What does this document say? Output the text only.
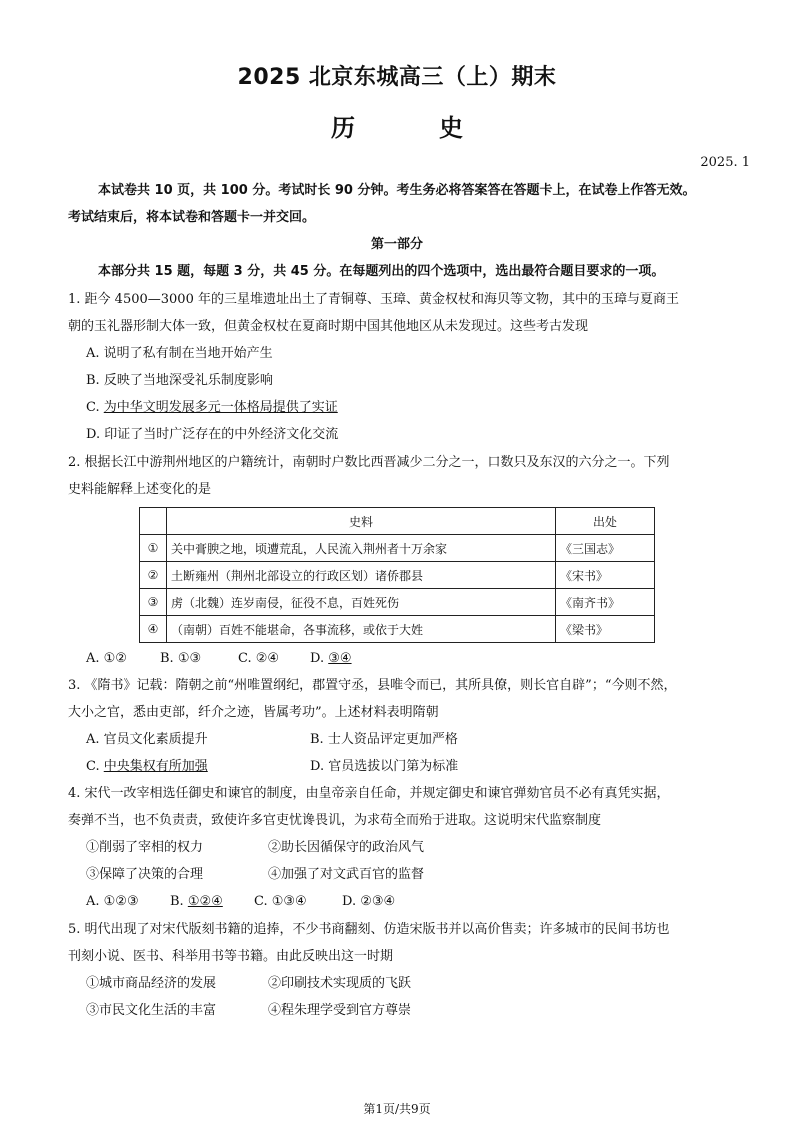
2025 北京东城高三（上）期末
历　史
2025. 1
本试卷共 10 页，共 100 分。考试时长 90 分钟。考生务必将答案答在答题卡上，在试卷上作答无效。
考试结束后，将本试卷和答题卡一并交回。
第一部分
本部分共 15 题，每题 3 分，共 45 分。在每题列出的四个选项中，选出最符合题目要求的一项。
1. 距今 4500—3000 年的三星堆遗址出土了青铜尊、玉璋、黄金权杖和海贝等文物，其中的玉璋与夏商王
朝的玉礼器形制大体一致，但黄金权杖在夏商时期中国其他地区从未发现过。这些考古发现
A. 说明了私有制在当地开始产生
B. 反映了当地深受礼乐制度影响
C. 为中华文明发展多元一体格局提供了实证
D. 印证了当时广泛存在的中外经济文化交流
2. 根据长江中游荆州地区的户籍统计，南朝时户数比西晋减少二分之一，口数只及东汉的六分之一。下列
史料能解释上述变化的是
	史料	出处
①	关中膏腴之地，顷遭荒乱，人民流入荆州者十万余家	《三国志》
②	土断雍州（荆州北部设立的行政区划）诸侨郡县	《宋书》
③	虏（北魏）连岁南侵，征役不息，百姓死伤	《南齐书》
④	（南朝）百姓不能堪命，各事流移，或依于大姓	《梁书》
A. ①②	B. ①③	C. ②④ D. ③④
3. 《隋书》记载：隋朝之前“州唯置纲纪，郡置守丞，县唯令而已，其所具僚，则长官自辟”；“今则不然，
大小之官，悉由吏部，纤介之迹，皆属考功”。上述材料表明隋朝
A. 官员文化素质提升	B. 士人资品评定更加严格
C. 中央集权有所加强	D. 官员选拔以门第为标准
4. 宋代一改宰相选任御史和谏官的制度，由皇帝亲自任命，并规定御史和谏官弹劾官员不必有真凭实据，
奏弹不当，也不负责责，致使许多官吏忧谗畏讥，为求苟全而殆于进取。这说明宋代监察制度
①削弱了宰相的权力	②助长因循保守的政治风气
③保障了决策的合理	④加强了对文武百官的监督
A. ①②③ B. ①②④ C. ①③④	D. ②③④
5. 明代出现了对宋代版刻书籍的追捧，不少书商翻刻、仿造宋版书并以高价售卖；许多城市的民间书坊也
刊刻小说、医书、科举用书等书籍。由此反映出这一时期
①城市商品经济的发展	②印刷技术实现质的飞跃
③市民文化生活的丰富	④程朱理学受到官方尊崇
第1页/共9页
